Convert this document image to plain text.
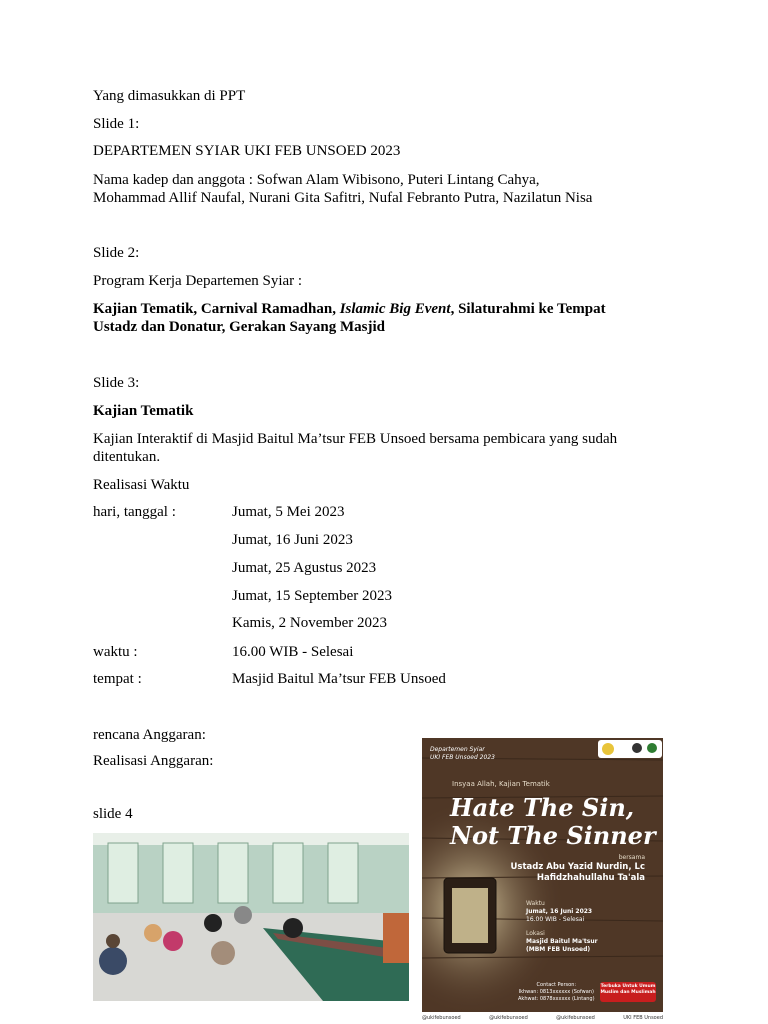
Yang dimasukkan di PPT
Slide 1:
DEPARTEMEN SYIAR UKI FEB UNSOED 2023
Nama kadep dan anggota : Sofwan Alam Wibisono, Puteri Lintang Cahya,
Mohammad Allif Naufal, Nurani Gita Safitri, Nufal Febranto Putra, Nazilatun Nisa
Slide 2:
Program Kerja Departemen Syiar :
Kajian Tematik, Carnival Ramadhan, Islamic Big Event, Silaturahmi ke Tempat
Ustadz dan Donatur, Gerakan Sayang Masjid
Slide 3:
Kajian Tematik
Kajian Interaktif di Masjid Baitul Ma’tsur FEB Unsoed bersama pembicara yang sudah
ditentukan.
Realisasi Waktu
hari, tanggal :	Jumat, 5 Mei 2023
Jumat, 16 Juni 2023
Jumat, 25 Agustus 2023
Jumat, 15 September 2023
Kamis, 2 November 2023
waktu :	16.00 WIB - Selesai
tempat :	Masjid Baitul Ma’tsur FEB Unsoed
rencana Anggaran:
Realisasi Anggaran:
slide 4
Departemen Syiar
UKI FEB Unsoed 2023
Insyaa Allah, Kajian Tematik
Hate The Sin,
Not The Sinner
bersama
Ustadz Abu Yazid Nurdin, Lc
Hafidzhahullahu Ta'ala
Waktu
Jumat, 16 Juni 2023
16.00 WIB - Selesai
Lokasi
Masjid Baitul Ma'tsur
(MBM FEB Unsoed)
Contact Person:
Ikhwan: 0813xxxxxx (Sofwan)
Akhwat: 0878xxxxxx (Lintang)
Terbuka Untuk Umum Muslim dan Muslimah
@ukifebunsoed	@ukifebunsoed	@ukifebunsoed	UKI FEB Unsoed
